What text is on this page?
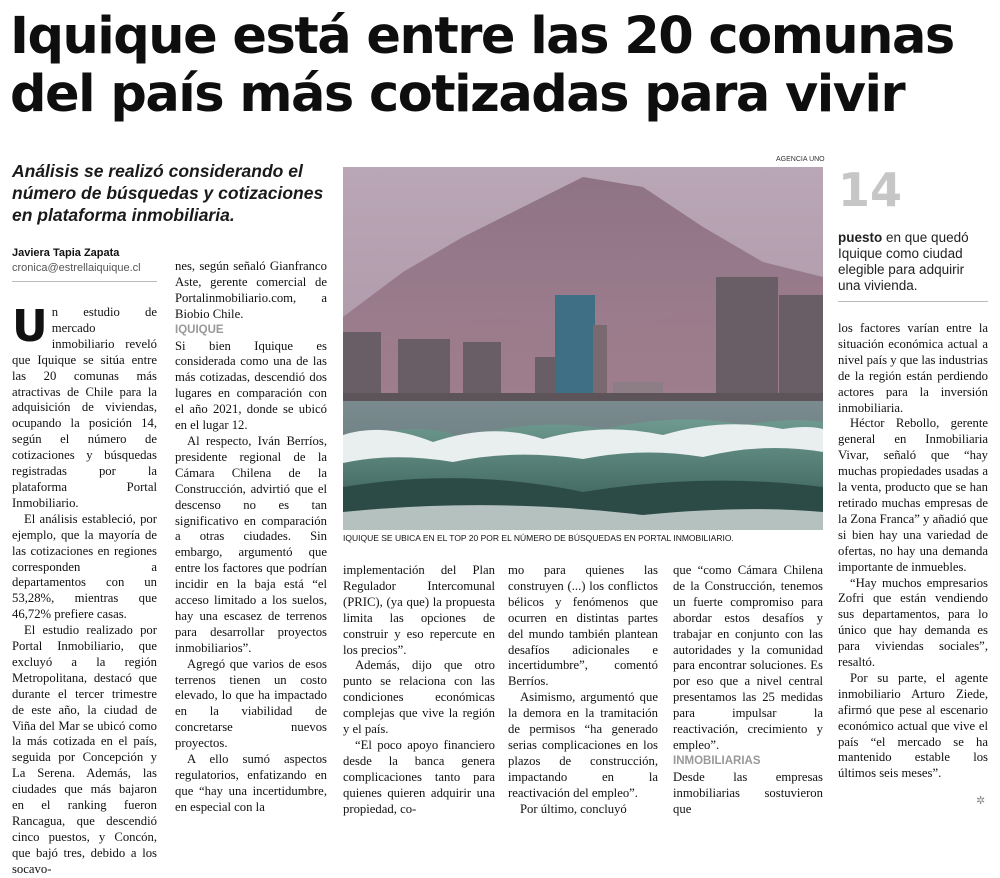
Iquique está entre las 20 comunas del país más cotizadas para vivir
Análisis se realizó considerando el número de búsquedas y cotizaciones en plataforma inmobiliaria.
Javiera Tapia Zapata
cronica@estrellaiquique.cl
U n estudio de mercado inmobiliario reveló que Iquique se sitúa entre las 20 comunas más atractivas de Chile para la adquisición de viviendas, ocupando la posición 14, según el número de cotizaciones y búsquedas registradas por la plataforma Portal Inmobiliario.

El análisis estableció, por ejemplo, que la mayoría de las cotizaciones en regiones corresponden a departamentos con un 53,28%, mientras que 46,72% prefiere casas.

El estudio realizado por Portal Inmobiliario, que excluyó a la región Metropolitana, destacó que durante el tercer trimestre de este año, la ciudad de Viña del Mar se ubicó como la más cotizada en el país, seguida por Concepción y La Serena. Además, las ciudades que más bajaron en el ranking fueron Rancagua, que descendió cinco puestos, y Concón, que bajó tres, debido a los socavo-

nes, según señaló Gianfranco Aste, gerente comercial de Portalinmobiliario.com, a Biobio Chile.

IQUIQUE

Si bien Iquique es considerada como una de las más cotizadas, descendió dos lugares en comparación con el año 2021, donde se ubicó en el lugar 12.

Al respecto, Iván Berríos, presidente regional de la Cámara Chilena de la Construcción, advirtió que el descenso no es tan significativo en comparación a otras ciudades. Sin embargo, argumentó que entre los factores que podrían incidir en la baja está “el acceso limitado a los suelos, hay una escasez de terrenos para desarrollar proyectos inmobiliarios”.

Agregó que varios de esos terrenos tienen un costo elevado, lo que ha impactado en la viabilidad de concretarse nuevos proyectos.

A ello sumó aspectos regulatorios, enfatizando en que “hay una incertidumbre, en especial con la

AGENCIA UNO
IQUIQUE SE UBICA EN EL TOP 20 POR EL NÚMERO DE BÚSQUEDAS EN PORTAL INMOBILIARIO.

implementación del Plan Regulador Intercomunal (PRIC), (ya que) la propuesta limita las opciones de construir y eso repercute en los precios”.

Además, dijo que otro punto se relaciona con las condiciones económicas complejas que vive la región y el país.

“El poco apoyo financiero desde la banca genera complicaciones tanto para quienes quieren adquirir una propiedad, co-

mo para quienes las construyen (...) los conflictos bélicos y fenómenos que ocurren en distintas partes del mundo también plantean desafíos adicionales e incertidumbre”, comentó Berríos.

Asimismo, argumentó que la demora en la tramitación de permisos “ha generado serias complicaciones en los plazos de construcción, impactando en la reactivación del empleo”.

Por último, concluyó

que “como Cámara Chilena de la Construcción, tenemos un fuerte compromiso para abordar estos desafíos y trabajar en conjunto con las autoridades y la comunidad para encontrar soluciones. Es por eso que a nivel central presentamos las 25 medidas para impulsar la reactivación, crecimiento y empleo”.

INMOBILIARIAS

Desde las empresas inmobiliarias sostuvieron que

14
puesto en que quedó Iquique como ciudad elegible para adquirir una vivienda.

los factores varían entre la situación económica actual a nivel país y que las industrias de la región están perdiendo actores para la inversión inmobiliaria.

Héctor Rebollo, gerente general en Inmobiliaria Vivar, señaló que “hay muchas propiedades usadas a la venta, producto que se han retirado muchas empresas de la Zona Franca” y añadió que si bien hay una variedad de ofertas, no hay una demanda importante de inmuebles.

“Hay muchos empresarios Zofri que están vendiendo sus departamentos, para lo único que hay demanda es para viviendas sociales”, resaltó.

Por su parte, el agente inmobiliario Arturo Ziede, afirmó que pese al escenario económico actual que vive el país “el mercado se ha mantenido estable los últimos seis meses”.

✲
